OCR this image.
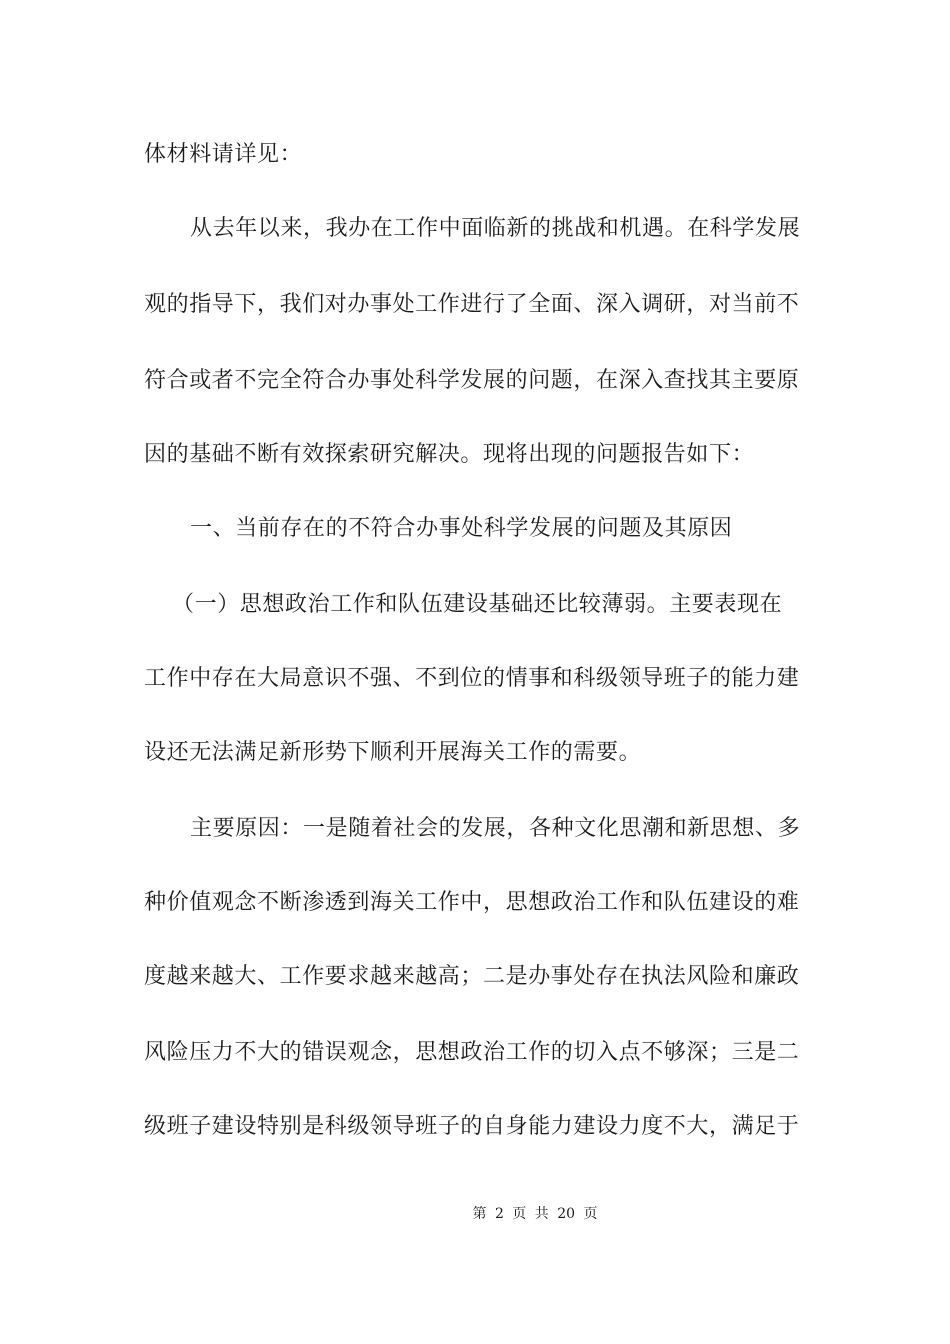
体材料请详见：
从去年以来，我办在工作中面临新的挑战和机遇。在科学发展
观的指导下，我们对办事处工作进行了全面、深入调研，对当前不
符合或者不完全符合办事处科学发展的问题，在深入查找其主要原
因的基础不断有效探索研究解决。现将出现的问题报告如下：
一、当前存在的不符合办事处科学发展的问题及其原因
（一）思想政治工作和队伍建设基础还比较薄弱。主要表现在
工作中存在大局意识不强、不到位的情事和科级领导班子的能力建
设还无法满足新形势下顺利开展海关工作的需要。
主要原因：一是随着社会的发展，各种文化思潮和新思想、多
种价值观念不断渗透到海关工作中，思想政治工作和队伍建设的难
度越来越大、工作要求越来越高；二是办事处存在执法风险和廉政
风险压力不大的错误观念，思想政治工作的切入点不够深；三是二
级班子建设特别是科级领导班子的自身能力建设力度不大，满足于
第 2 页 共 20 页
